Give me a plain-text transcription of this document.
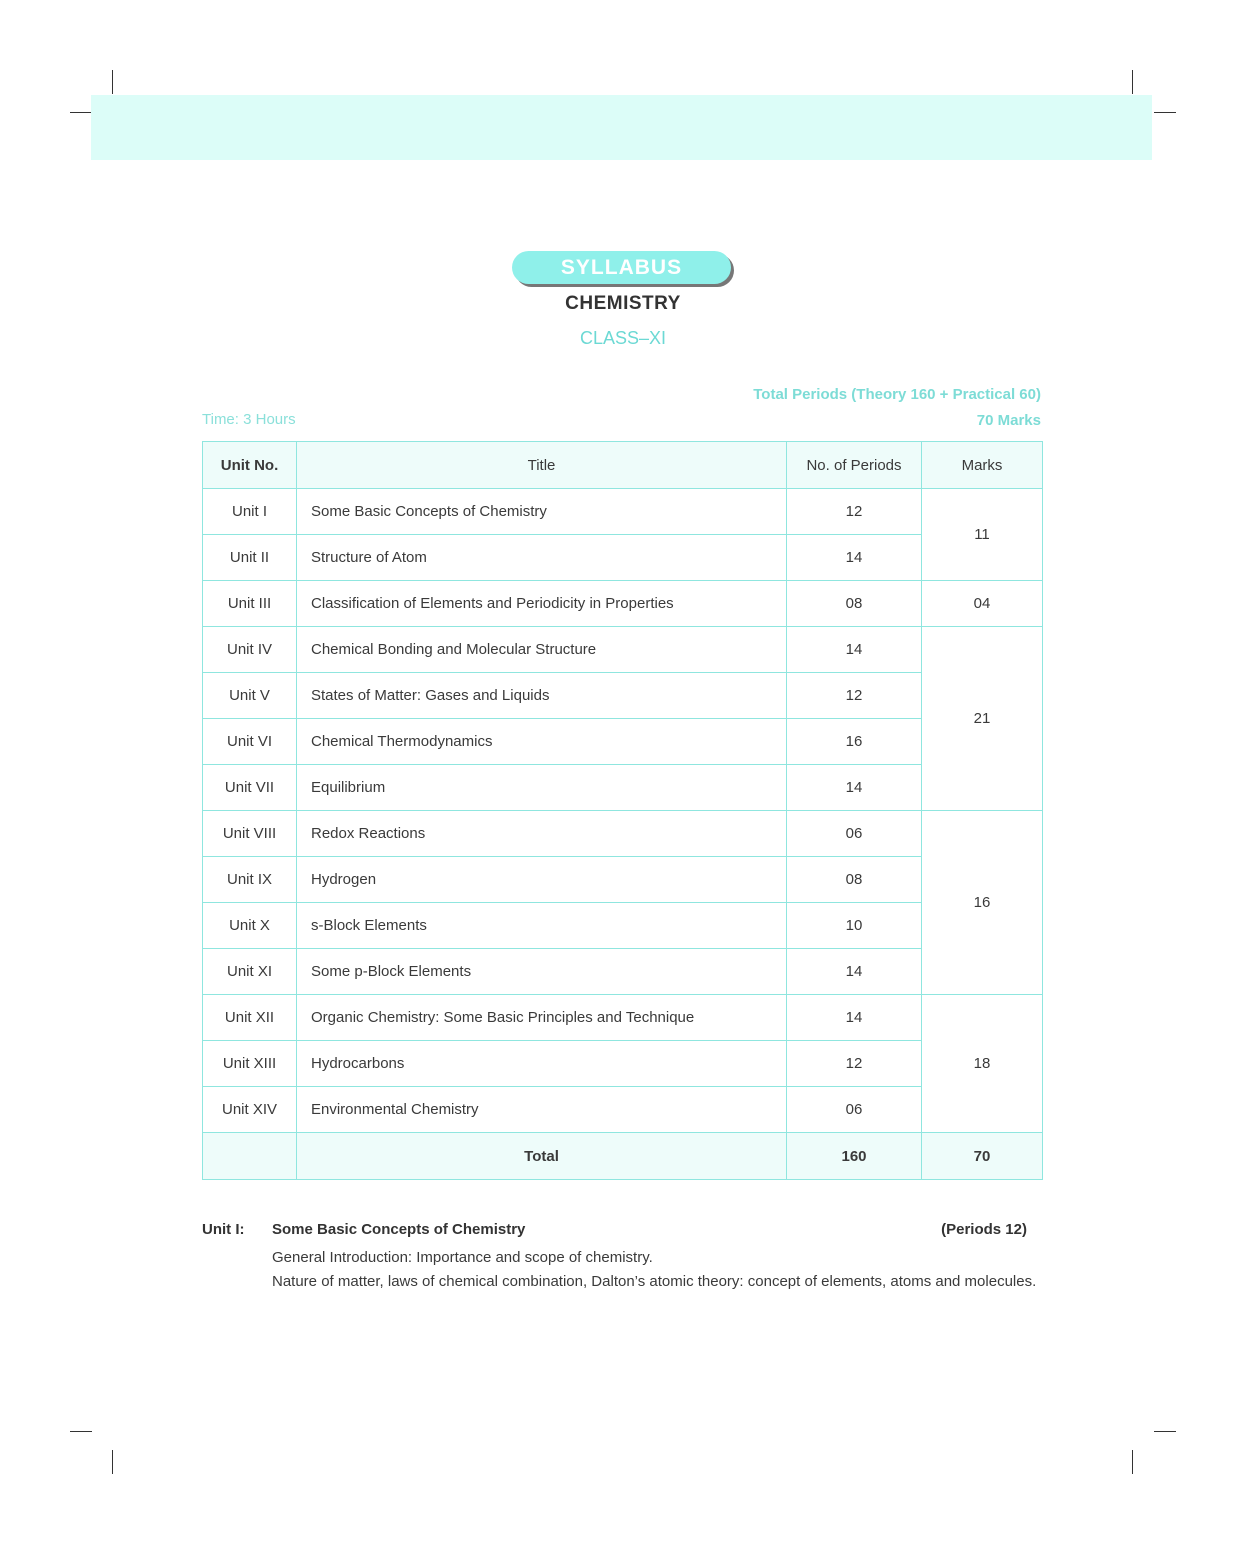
SYLLABUS
CHEMISTRY
CLASS–XI
Total Periods (Theory 160 + Practical 60)
Time: 3 Hours	70 Marks
Unit No.	Title	No. of Periods	Marks
Unit I	Some Basic Concepts of Chemistry	12	11
Unit II	Structure of Atom	14	
Unit III	Classification of Elements and Periodicity in Properties	08	04
Unit IV	Chemical Bonding and Molecular Structure	14	21
Unit V	States of Matter: Gases and Liquids	12	
Unit VI	Chemical Thermodynamics	16	
Unit VII	Equilibrium	14	
Unit VIII	Redox Reactions	06	16
Unit IX	Hydrogen	08	
Unit X	s-Block Elements	10	
Unit XI	Some p-Block Elements	14	
Unit XII	Organic Chemistry: Some Basic Principles and Technique	14	18
Unit XIII	Hydrocarbons	12	
Unit XIV	Environmental Chemistry	06	
	Total	160	70
Unit I: Some Basic Concepts of Chemistry	(Periods 12)
General Introduction: Importance and scope of chemistry.
Nature of matter, laws of chemical combination, Dalton’s atomic theory: concept of elements, atoms and molecules.
